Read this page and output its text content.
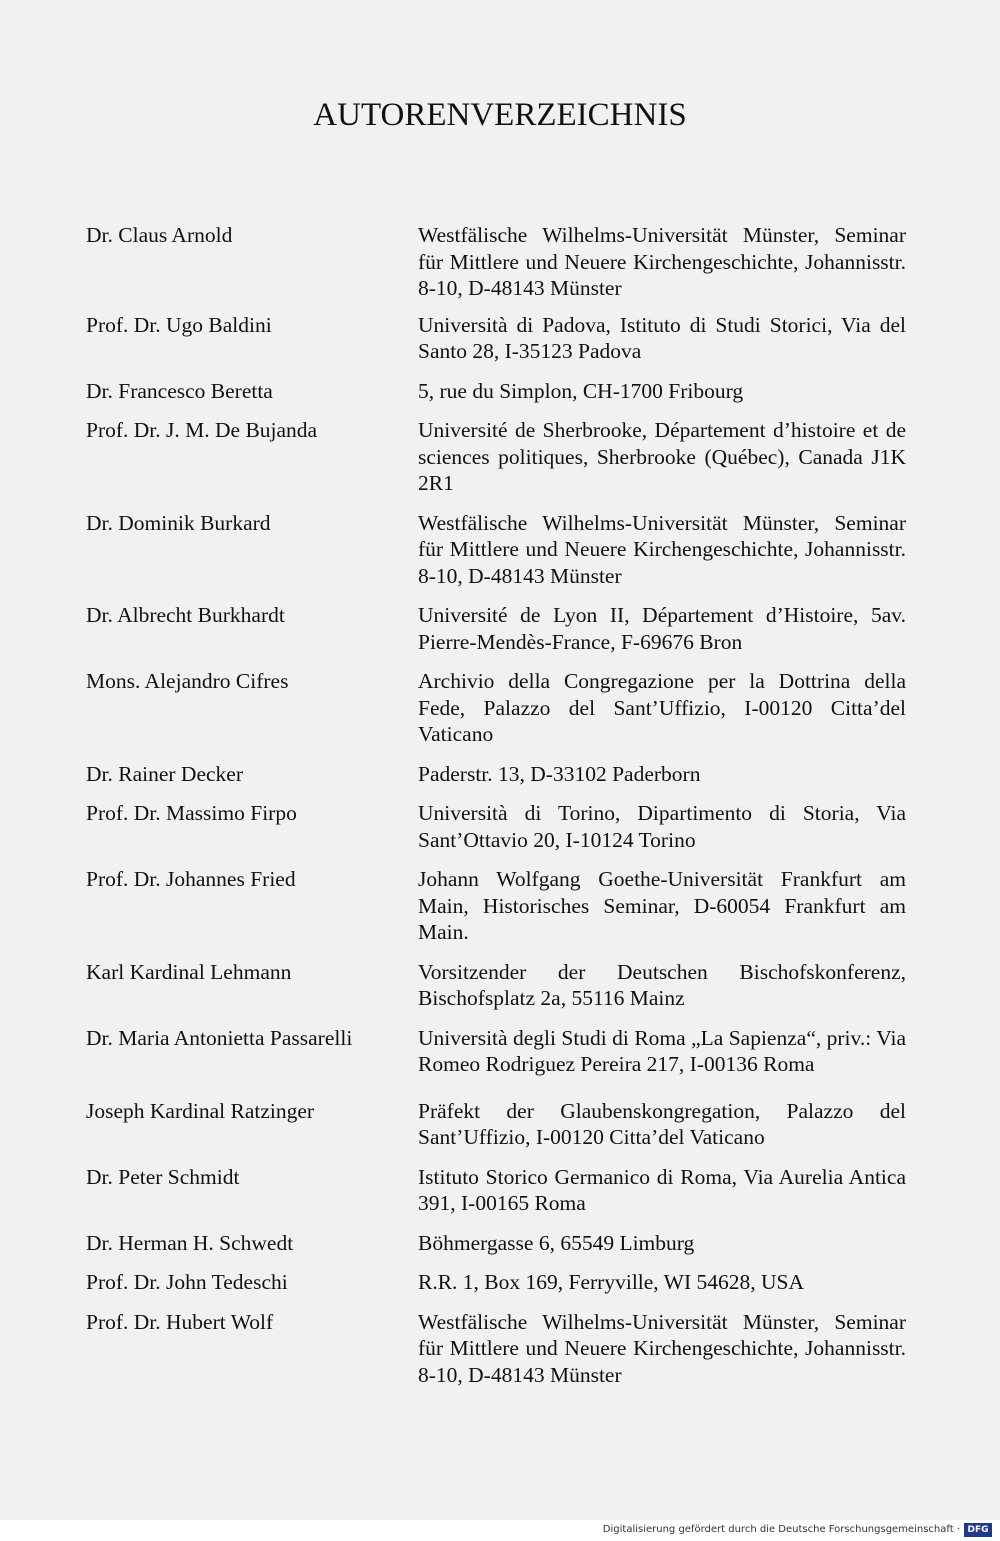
AUTORENVERZEICHNIS
Dr. Claus Arnold	Westfälische Wilhelms-Universität Münster, Seminar für Mittlere und Neuere Kirchengeschichte, Johannisstr. 8-10, D-48143 Münster
Prof. Dr. Ugo Baldini	Università di Padova, Istituto di Studi Storici, Via del Santo 28, I-35123 Padova
Dr. Francesco Beretta	5, rue du Simplon, CH-1700 Fribourg
Prof. Dr. J. M. De Bujanda	Université de Sherbrooke, Département d’histoire et de sciences politiques, Sherbrooke (Québec), Canada J1K 2R1
Dr. Dominik Burkard	Westfälische Wilhelms-Universität Münster, Seminar für Mittlere und Neuere Kirchengeschichte, Johannisstr. 8-10, D-48143 Münster
Dr. Albrecht Burkhardt	Université de Lyon II, Département d’Histoire, 5av. Pierre-Mendès-France, F-69676 Bron
Mons. Alejandro Cifres	Archivio della Congregazione per la Dottrina della Fede, Palazzo del Sant’Uffizio, I-00120 Citta’del Vaticano
Dr. Rainer Decker	Paderstr. 13, D-33102 Paderborn
Prof. Dr. Massimo Firpo	Università di Torino, Dipartimento di Storia, Via Sant’Ottavio 20, I-10124 Torino
Prof. Dr. Johannes Fried	Johann Wolfgang Goethe-Universität Frankfurt am Main, Historisches Seminar, D-60054 Frankfurt am Main.
Karl Kardinal Lehmann	Vorsitzender der Deutschen Bischofskonferenz, Bischofsplatz 2a, 55116 Mainz
Dr. Maria Antonietta Passarelli	Università degli Studi di Roma „La Sapienza“, priv.: Via Romeo Rodriguez Pereira 217, I-00136 Roma
Joseph Kardinal Ratzinger	Präfekt der Glaubenskongregation, Palazzo del Sant’Uffizio, I-00120 Citta’del Vaticano
Dr. Peter Schmidt	Istituto Storico Germanico di Roma, Via Aurelia Antica 391, I-00165 Roma
Dr. Herman H. Schwedt	Böhmergasse 6, 65549 Limburg
Prof. Dr. John Tedeschi	R.R. 1, Box 169, Ferryville, WI 54628, USA
Prof. Dr. Hubert Wolf	Westfälische Wilhelms-Universität Münster, Seminar für Mittlere und Neuere Kirchengeschichte, Johannisstr. 8-10, D-48143 Münster
Digitalisierung gefördert durch die Deutsche Forschungsgemeinschaft · DFG
